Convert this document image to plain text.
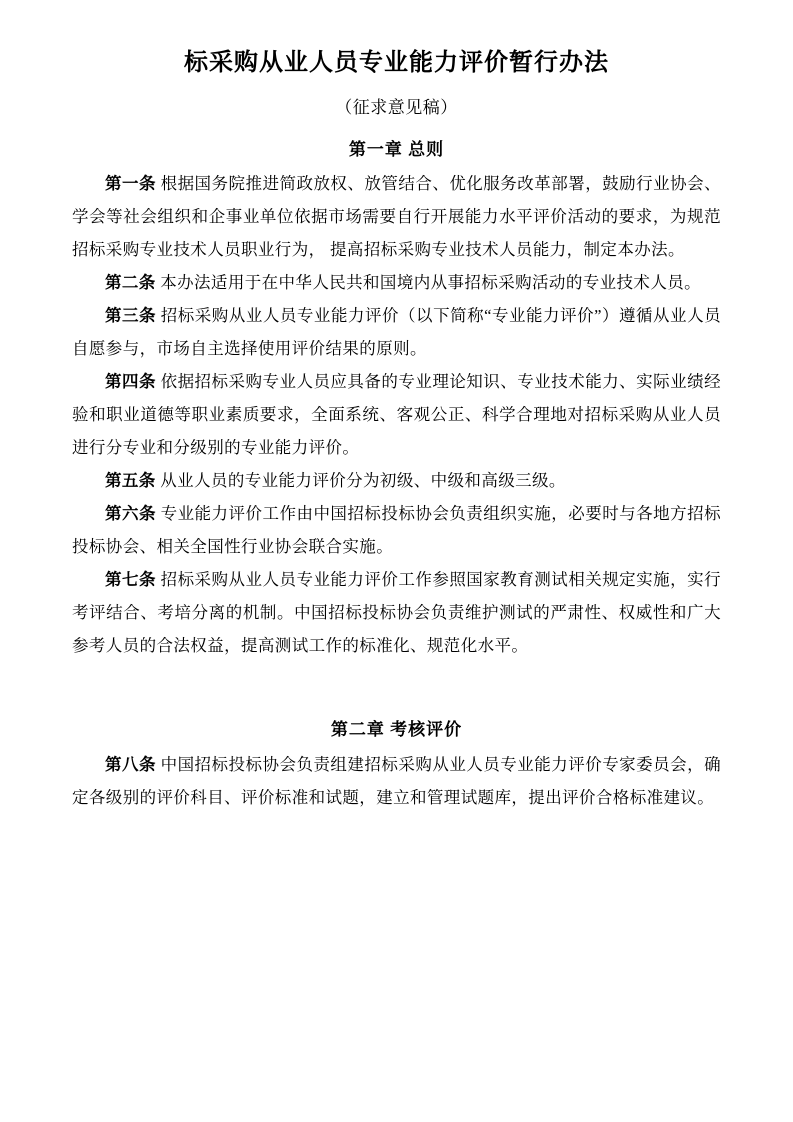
标采购从业人员专业能力评价暂行办法
（征求意见稿）
第一章 总则

第一条 根据国务院推进简政放权、放管结合、优化服务改革部署，鼓励行业协会、学会等社会组织和企事业单位依据市场需要自行开展能力水平评价活动的要求，为规范招标采购专业技术人员职业行为， 提高招标采购专业技术人员能力，制定本办法。

第二条 本办法适用于在中华人民共和国境内从事招标采购活动的专业技术人员。

第三条 招标采购从业人员专业能力评价（以下简称“专业能力评价”）遵循从业人员自愿参与，市场自主选择使用评价结果的原则。

第四条 依据招标采购专业人员应具备的专业理论知识、专业技术能力、实际业绩经验和职业道德等职业素质要求，全面系统、客观公正、科学合理地对招标采购从业人员进行分专业和分级别的专业能力评价。

第五条 从业人员的专业能力评价分为初级、中级和高级三级。

第六条 专业能力评价工作由中国招标投标协会负责组织实施，必要时与各地方招标投标协会、相关全国性行业协会联合实施。

第七条 招标采购从业人员专业能力评价工作参照国家教育测试相关规定实施，实行考评结合、考培分离的机制。中国招标投标协会负责维护测试的严肃性、权威性和广大参考人员的合法权益，提高测试工作的标准化、规范化水平。

第二章 考核评价

第八条 中国招标投标协会负责组建招标采购从业人员专业能力评价专家委员会，确定各级别的评价科目、评价标准和试题，建立和管理试题库，提出评价合格标准建议。
